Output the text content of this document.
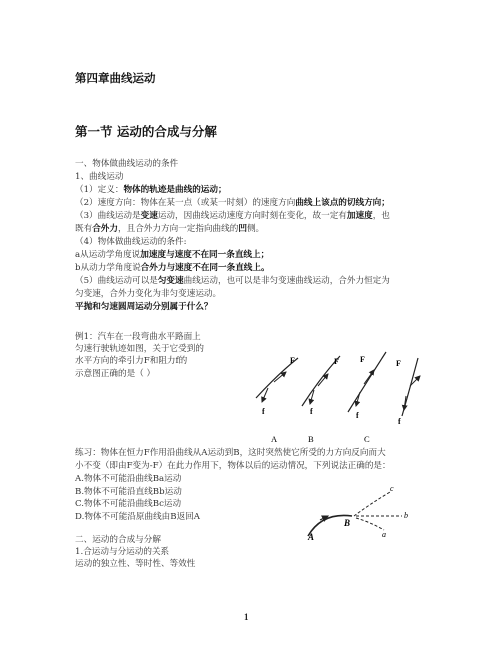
第四章曲线运动
第一节 运动的合成与分解
一、物体做曲线运动的条件
1、曲线运动
（1）定义：物体的轨迹是曲线的运动；
（2）速度方向：物体在某一点（或某一时刻）的速度方向曲线上该点的切线方向；
（3）曲线运动是变速运动，因曲线运动速度方向时刻在变化，故一定有加速度，也
既有合外力，且合外力方向一定指向曲线的凹侧。
（4）物体做曲线运动的条件:
a从运动学角度说加速度与速度不在同一条直线上；
b从动力学角度说合外力与速度不在同一条直线上。
（5）曲线运动可以是匀变速曲线运动，也可以是非匀变速曲线运动，合外力恒定为
匀变速，合外力变化为非匀变速运动。
平抛和匀速圆周运动分别属于什么？
例1：汽车在一段弯曲水平路面上
匀速行驶轨迹如图，关于它受到的
水平方向的牵引力F和阻力f的
示意图正确的是（ ）
F
f
F
f
F
f
F
f
A	B	C
练习：物体在恒力F作用沿曲线从A运动到B，这时突然使它所受的力方向反向而大
小不变（即由F变为-F）在此力作用下，物体以后的运动情况，下列说法正确的是：
A.物体不可能沿曲线Ba运动
B.物体不可能沿直线Bb运动
C.物体不可能沿曲线Bc运动
D.物体不可能沿原曲线由B返回A
A
B
a
b
c
二、运动的合成与分解
1.合运动与分运动的关系
运动的独立性、等时性、等效性
1
